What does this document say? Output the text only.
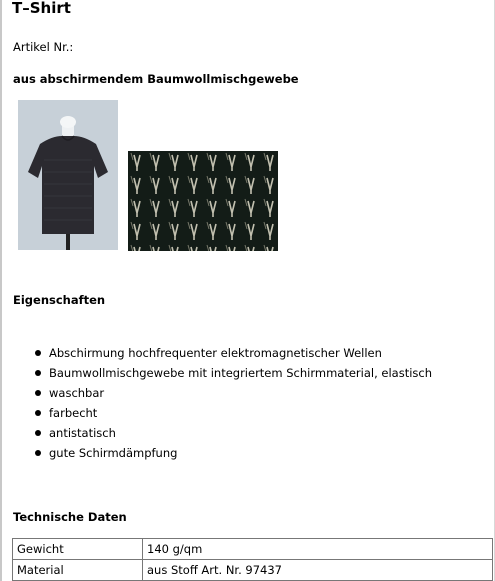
T–Shirt
Artikel Nr.:
aus abschirmendem Baumwollmischgewebe
Eigenschaften
Abschirmung hochfrequenter elektromagnetischer Wellen
Baumwollmischgewebe mit integriertem Schirmmaterial, elastisch
waschbar
farbecht
antistatisch
gute Schirmdämpfung
Technische Daten
Gewicht	140 g/qm
Material	aus Stoff Art. Nr. 97437
